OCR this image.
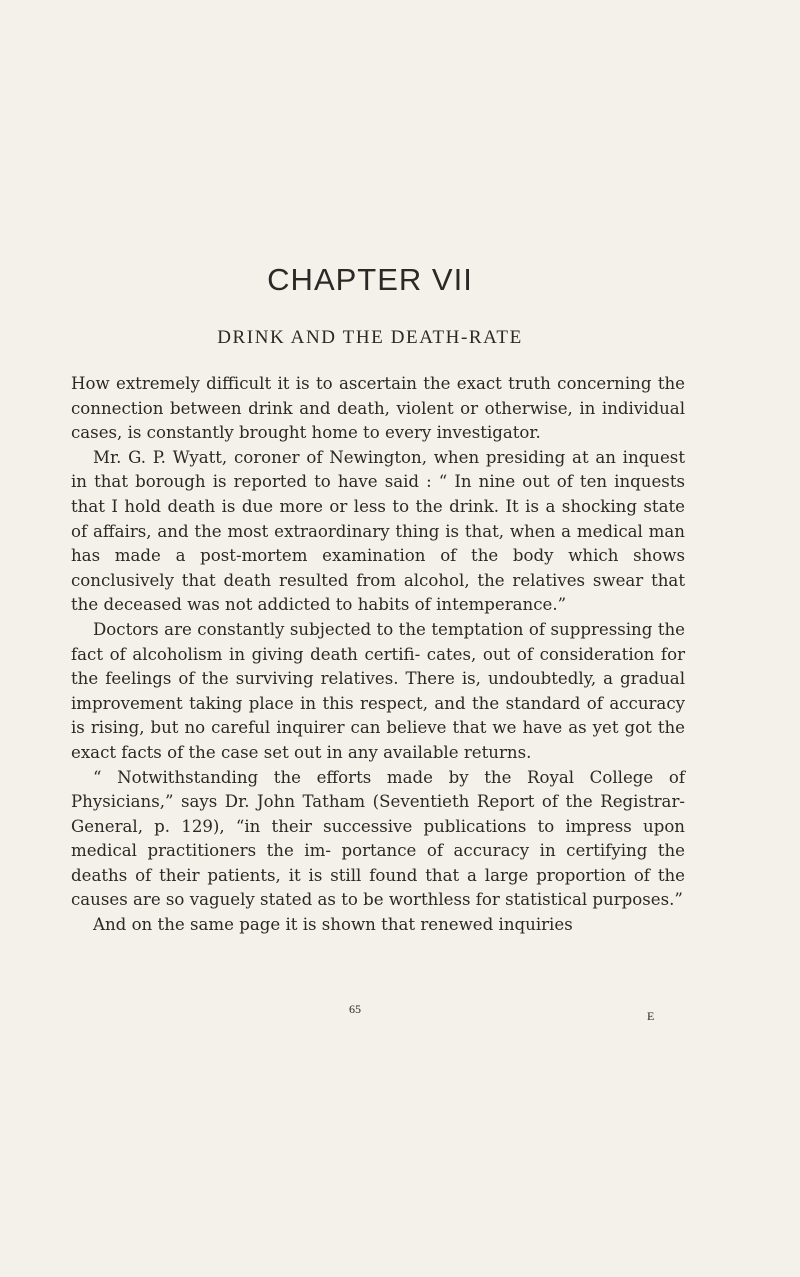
CHAPTER VII
DRINK AND THE DEATH-RATE

How extremely difficult it is to ascertain the exact truth concerning the connection between drink and death, violent or otherwise, in individual cases, is constantly brought home to every investigator.

Mr. G. P. Wyatt, coroner of Newington, when presiding at an inquest in that borough is reported to have said : “ In nine out of ten inquests that I hold death is due more or less to the drink. It is a shocking state of affairs, and the most extraordinary thing is that, when a medical man has made a post-mortem examination of the body which shows conclusively that death resulted from alcohol, the relatives swear that the deceased was not addicted to habits of intemperance.”

Doctors are constantly subjected to the temptation of suppressing the fact of alcoholism in giving death certifi- cates, out of consideration for the feelings of the surviving relatives. There is, undoubtedly, a gradual improvement taking place in this respect, and the standard of accuracy is rising, but no careful inquirer can believe that we have as yet got the exact facts of the case set out in any available returns.

“ Notwithstanding the efforts made by the Royal College of Physicians,” says Dr. John Tatham (Seventieth Report of the Registrar-General, p. 129), “in their successive publications to impress upon medical practitioners the im- portance of accuracy in certifying the deaths of their patients, it is still found that a large proportion of the causes are so vaguely stated as to be worthless for statistical purposes.”

And on the same page it is shown that renewed inquiries

65	E
